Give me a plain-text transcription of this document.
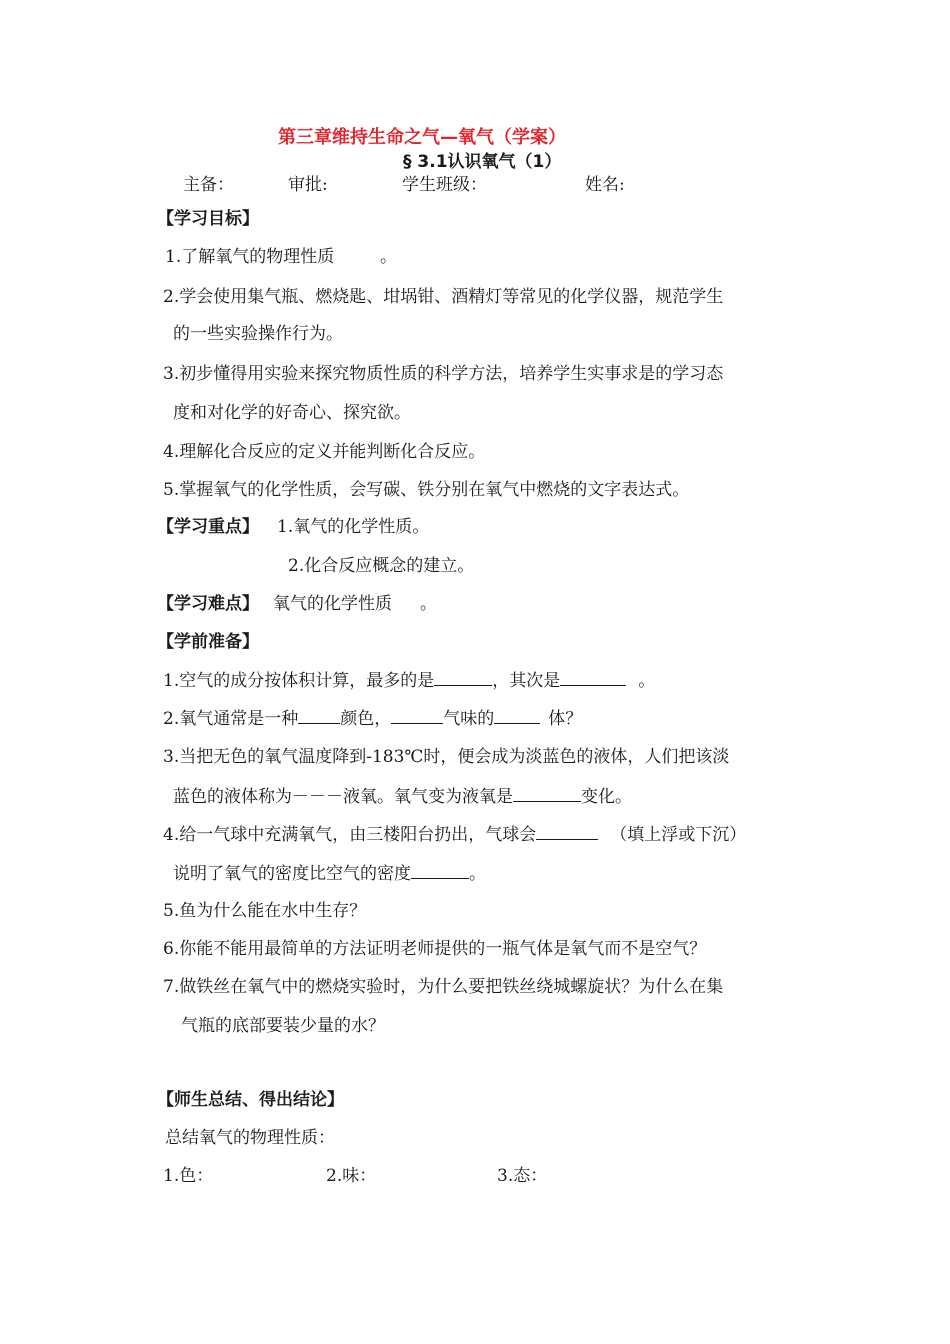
第三章维持生命之气—氧气（学案）
§ 3.1认识氧气（1）
主备：	审批:	学生班级：	姓名:
【学习目标】
1.了解氧气的物理性质	。
2.学会使用集气瓶、燃烧匙、坩埚钳、酒精灯等常见的化学仪器，规范学生
的一些实验操作行为。
3.初步懂得用实验来探究物质性质的科学方法，培养学生实事求是的学习态
度和对化学的好奇心、探究欲。
4.理解化合反应的定义并能判断化合反应。
5.掌握氧气的化学性质，会写碳、铁分别在氧气中燃烧的文字表达式。
【学习重点】 1.氧气的化学性质。
2.化合反应概念的建立。
【学习难点】 氧气的化学性质 。
【学前准备】
1.空气的成分按体积计算，最多的是	，其次是	。
2.氧气通常是一种 颜色，	气味的	体？
3.当把无色的氧气温度降到-183℃时，便会成为淡蓝色的液体，人们把该淡
蓝色的液体称为－－－液氧。氧气变为液氧是	变化。
4.给一气球中充满氧气，由三楼阳台扔出，气球会	（填上浮或下沉）
说明了氧气的密度比空气的密度	。
5.鱼为什么能在水中生存？
6.你能不能用最简单的方法证明老师提供的一瓶气体是氧气而不是空气？
7.做铁丝在氧气中的燃烧实验时，为什么要把铁丝绕城螺旋状？为什么在集
气瓶的底部要装少量的水？
【师生总结、得出结论】
总结氧气的物理性质：
1.色：	2.味：	3.态：
